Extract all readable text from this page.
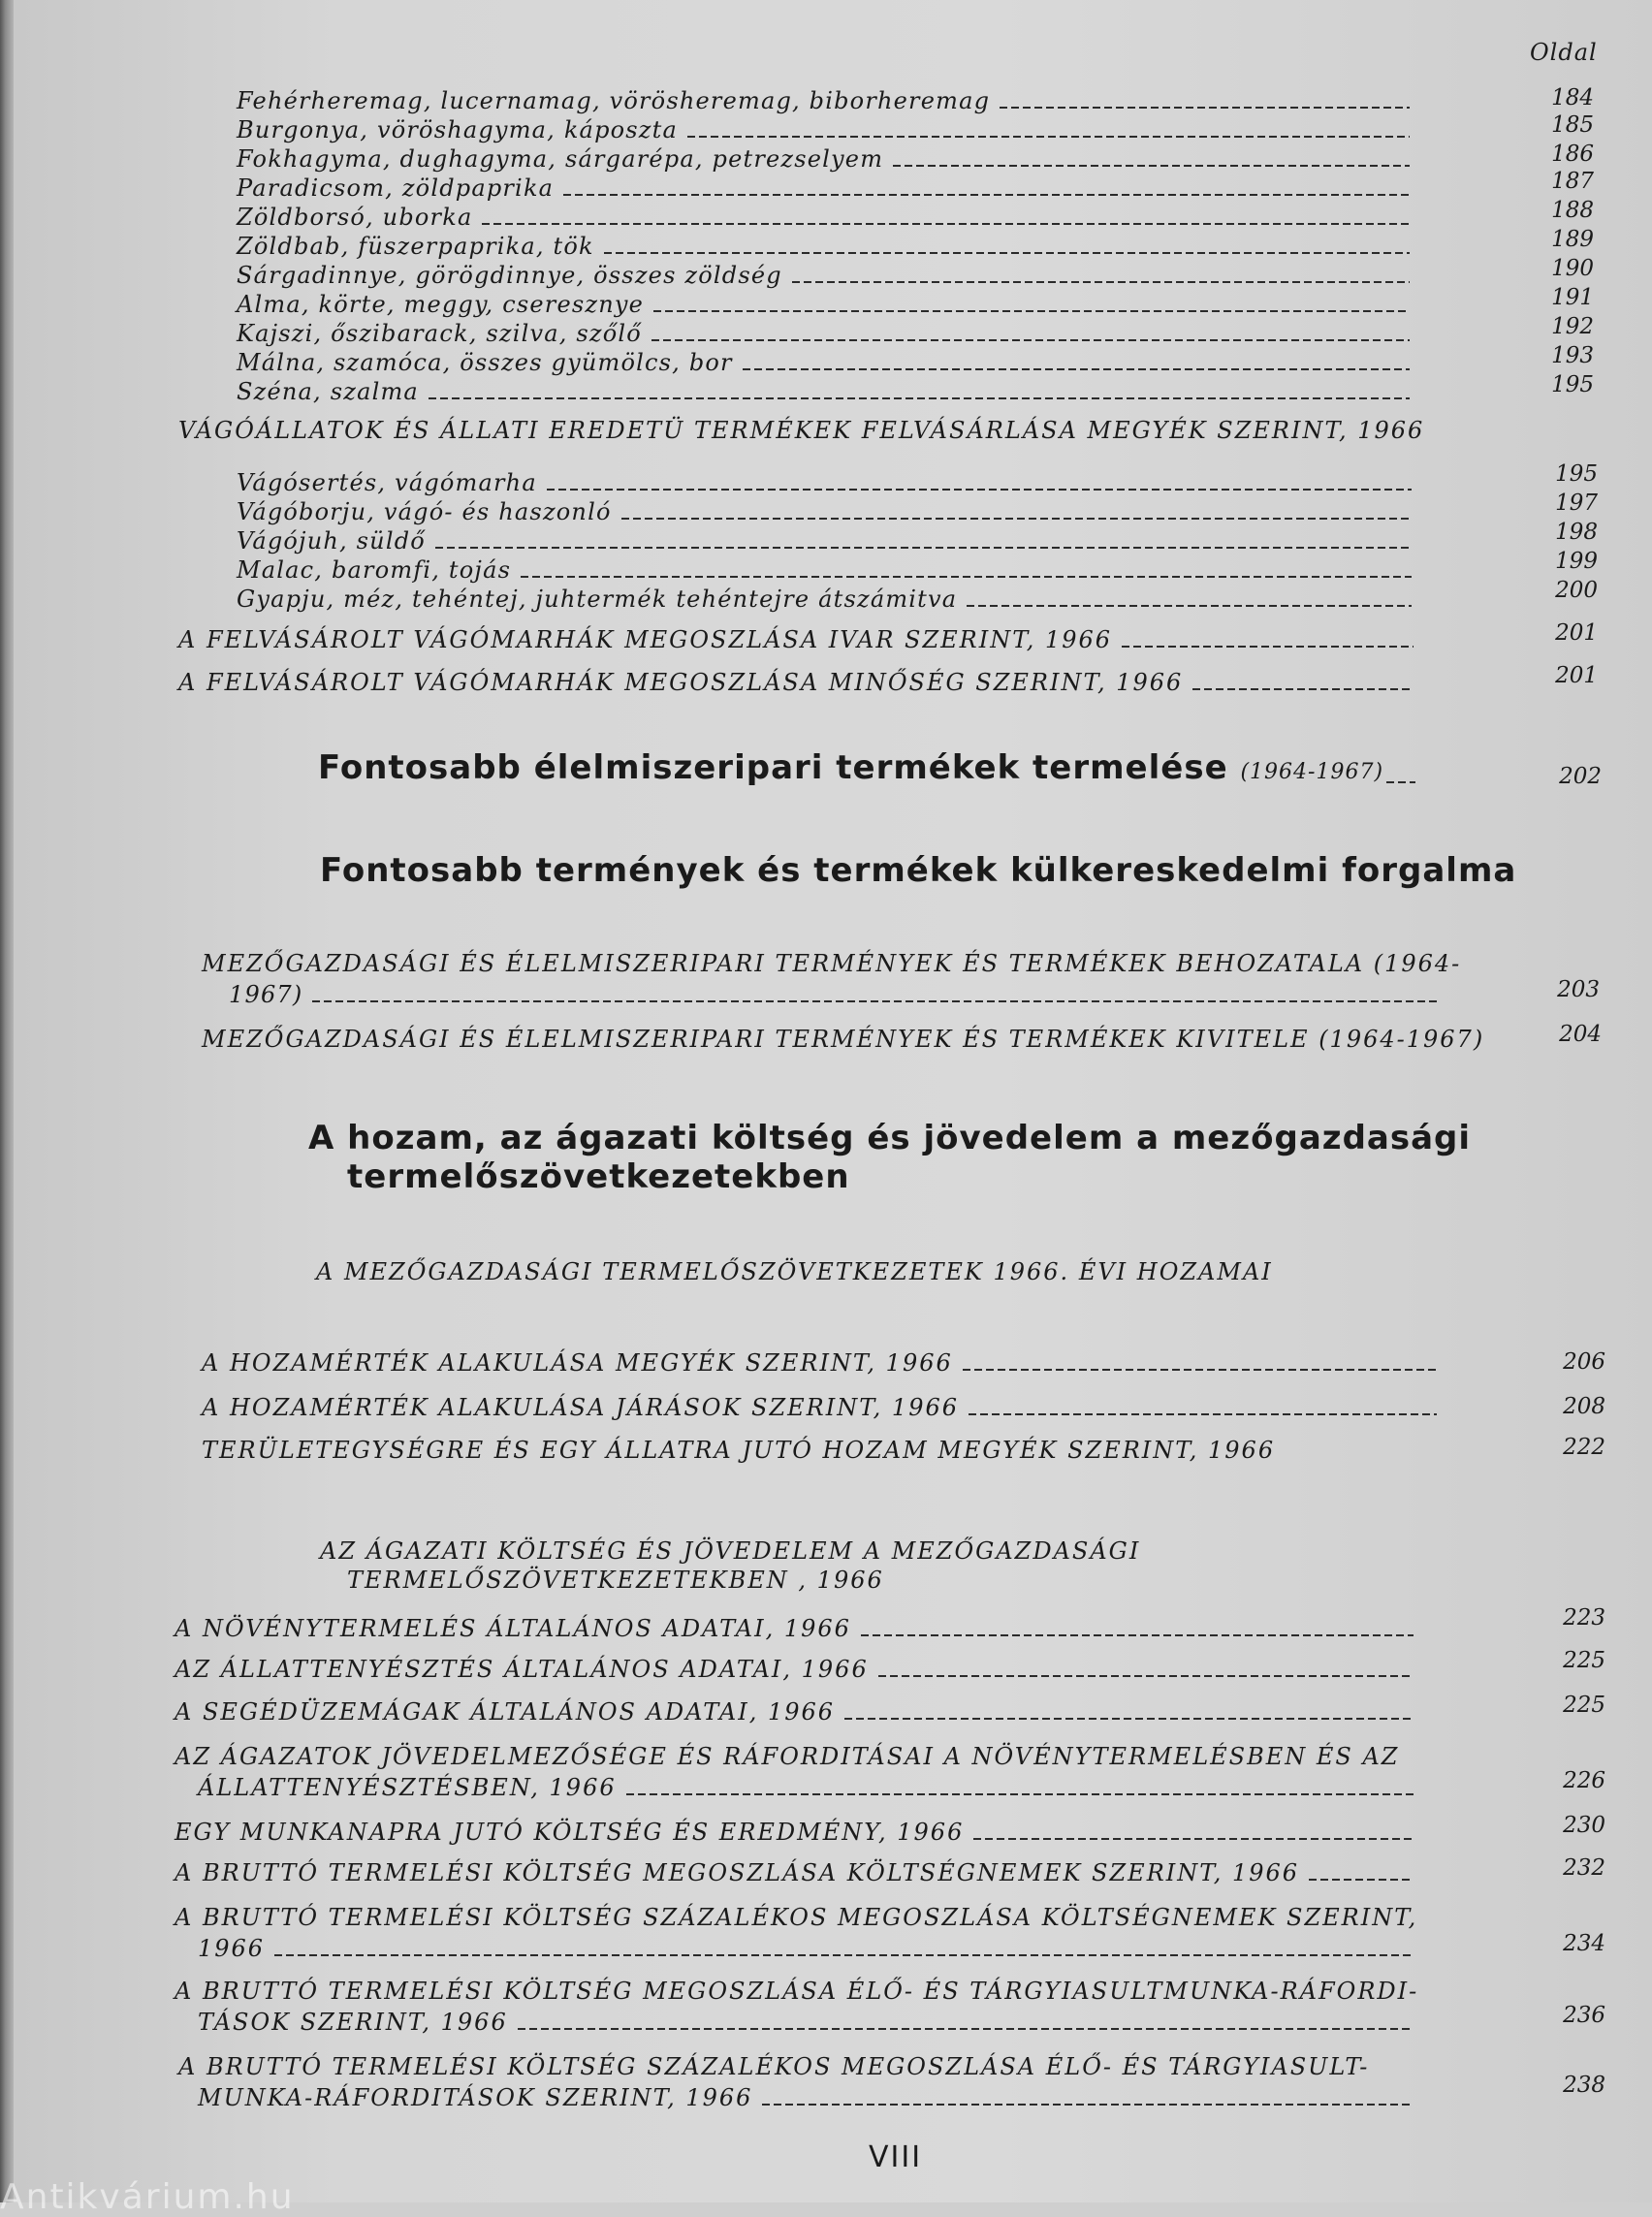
Oldal
Fehérheremag, lucernamag, vörösheremag, biborheremag	184
Burgonya, vöröshagyma, káposzta	185
Fokhagyma, dughagyma, sárgarépa, petrezselyem	186
Paradicsom, zöldpaprika	187
Zöldborsó, uborka	188
Zöldbab, füszerpaprika, tök	189
Sárgadinnye, görögdinnye, összes zöldség	190
Alma, körte, meggy, cseresznye	191
Kajszi, őszibarack, szilva, szőlő	192
Málna, szamóca, összes gyümölcs, bor	193
Széna, szalma	195
VÁGÓÁLLATOK ÉS ÁLLATI EREDETÜ TERMÉKEK FELVÁSÁRLÁSA MEGYÉK SZERINT, 1966
Vágósertés, vágómarha	195
Vágóborju, vágó- és haszonló	197
Vágójuh, süldő	198
Malac, baromfi, tojás	199
Gyapju, méz, tehéntej, juhtermék tehéntejre átszámitva	200
A FELVÁSÁROLT VÁGÓMARHÁK MEGOSZLÁSA IVAR SZERINT, 1966	201
A FELVÁSÁROLT VÁGÓMARHÁK MEGOSZLÁSA MINŐSÉG SZERINT, 1966	201
Fontosabb élelmiszeripari termékek termelése (1964-1967)	202
Fontosabb termények és termékek külkereskedelmi forgalma
MEZŐGAZDASÁGI ÉS ÉLELMISZERIPARI TERMÉNYEK ÉS TERMÉKEK BEHOZATALA (1964-
1967)	203
MEZŐGAZDASÁGI ÉS ÉLELMISZERIPARI TERMÉNYEK ÉS TERMÉKEK KIVITELE (1964-1967)	204
A hozam, az ágazati költség és jövedelem a mezőgazdasági
termelőszövetkezetekben
A MEZŐGAZDASÁGI TERMELŐSZÖVETKEZETEK 1966. ÉVI HOZAMAI
A HOZAMÉRTÉK ALAKULÁSA MEGYÉK SZERINT, 1966	206
A HOZAMÉRTÉK ALAKULÁSA JÁRÁSOK SZERINT, 1966	208
TERÜLETEGYSÉGRE ÉS EGY ÁLLATRA JUTÓ HOZAM MEGYÉK SZERINT, 1966	222
AZ ÁGAZATI KÖLTSÉG ÉS JÖVEDELEM A MEZŐGAZDASÁGI
TERMELŐSZÖVETKEZETEKBEN , 1966
A NÖVÉNYTERMELÉS ÁLTALÁNOS ADATAI, 1966	223
AZ ÁLLATTENYÉSZTÉS ÁLTALÁNOS ADATAI, 1966	225
A SEGÉDÜZEMÁGAK ÁLTALÁNOS ADATAI, 1966	225
AZ ÁGAZATOK JÖVEDELMEZŐSÉGE ÉS RÁFORDITÁSAI A NÖVÉNYTERMELÉSBEN ÉS AZ
ÁLLATTENYÉSZTÉSBEN, 1966	226
EGY MUNKANAPRA JUTÓ KÖLTSÉG ÉS EREDMÉNY, 1966	230
A BRUTTÓ TERMELÉSI KÖLTSÉG MEGOSZLÁSA KÖLTSÉGNEMEK SZERINT, 1966	232
A BRUTTÓ TERMELÉSI KÖLTSÉG SZÁZALÉKOS MEGOSZLÁSA KÖLTSÉGNEMEK SZERINT,
1966	234
A BRUTTÓ TERMELÉSI KÖLTSÉG MEGOSZLÁSA ÉLŐ- ÉS TÁRGYIASULTMUNKA-RÁFORDI-
TÁSOK SZERINT, 1966	236
A BRUTTÓ TERMELÉSI KÖLTSÉG SZÁZALÉKOS MEGOSZLÁSA ÉLŐ- ÉS TÁRGYIASULT-
MUNKA-RÁFORDITÁSOK SZERINT, 1966	238
VIII
Antikvárium.hu
